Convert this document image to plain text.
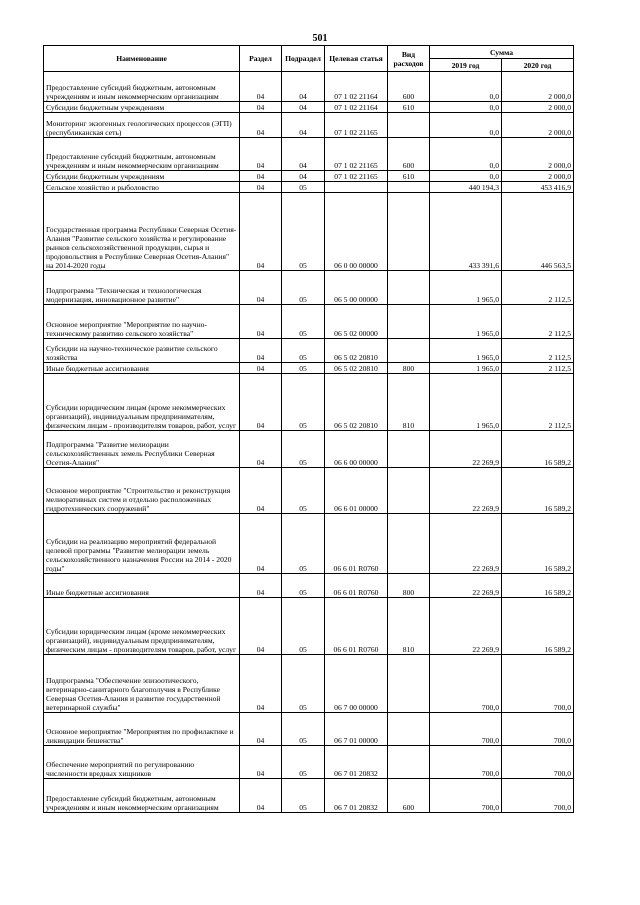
501
Наименование	Раздел	Подраздел	Целевая статья	Вид расходов	Сумма	
					2019 год	2020 год
Предоставление субсидий бюджетным, автономным учреждениям и иным некоммерческим организациям	04	04	07 1 02 21164	600	0,0	2 000,0
Субсидии бюджетным учреждениям	04	04	07 1 02 21164	610	0,0	2 000,0
Мониторинг экзогенных геологических процессов (ЭГП) (республиканская сеть)	04	04	07 1 02 21165		0,0	2 000,0
Предоставление субсидий бюджетным, автономным учреждениям и иным некоммерческим организациям	04	04	07 1 02 21165	600	0,0	2 000,0
Субсидии бюджетным учреждениям	04	04	07 1 02 21165	610	0,0	2 000,0
Сельское хозяйство и рыболовство	04	05			440 194,3	453 416,9
Государственная программа Республики Северная Осетия-Алания "Развитие сельского хозяйства и регулирование рынков сельскохозяйственной продукции, сырья и продовольствия в Республике Северная Осетия-Алания" на 2014-2020 годы	04	05	06 0 00 00000		433 391,6	446 563,5
Подпрограмма "Техническая и технологическая модернизация, инновационное развитие"	04	05	06 5 00 00000		1 965,0	2 112,5
Основное мероприятие "Мероприятие по научно-техническому развитию сельского хозяйства"	04	05	06 5 02 00000		1 965,0	2 112,5
Субсидии на научно-техническое развитие сельского хозяйства	04	05	06 5 02 20810		1 965,0	2 112,5
Иные бюджетные ассигнования	04	05	06 5 02 20810	800	1 965,0	2 112,5
Субсидии юридическим лицам (кроме некоммерческих организаций), индивидуальным предпринимателям, физическим лицам - производителям товаров, работ, услуг	04	05	06 5 02 20810	810	1 965,0	2 112,5
Подпрограмма "Развитие мелиорации сельскохозяйственных земель Республики Северная Осетия-Алания"	04	05	06 6 00 00000		22 269,9	16 589,2
Основное мероприятие "Строительство и реконструкция мелиоративных систем и отдельно расположенных гидротехнических сооружений"	04	05	06 6 01 00000		22 269,9	16 589,2
Субсидии на реализацию мероприятий федеральной целевой программы "Развитие мелиорации земель сельскохозяйственного назначения России на 2014 - 2020 годы"	04	05	06 6 01 R0760		22 269,9	16 589,2
Иные бюджетные ассигнования	04	05	06 6 01 R0760	800	22 269,9	16 589,2
Субсидии юридическим лицам (кроме некоммерческих организаций), индивидуальным предпринимателям, физическим лицам - производителям товаров, работ, услуг	04	05	06 6 01 R0760	810	22 269,9	16 589,2
Подпрограмма "Обеспечение эпизоотического, ветеринарно-санитарного благополучия в Республике Северная Осетия-Алания и развитие государственной ветеринарной службы"	04	05	06 7 00 00000		700,0	700,0
Основное мероприятие "Мероприятия по профилактике и ликвидации бешенства"	04	05	06 7 01 00000		700,0	700,0
Обеспечение мероприятий по регулированию численности вредных хищников	04	05	06 7 01 20832		700,0	700,0
Предоставление субсидий бюджетным, автономным учреждениям и иным некоммерческим организациям	04	05	06 7 01 20832	600	700,0	700,0
